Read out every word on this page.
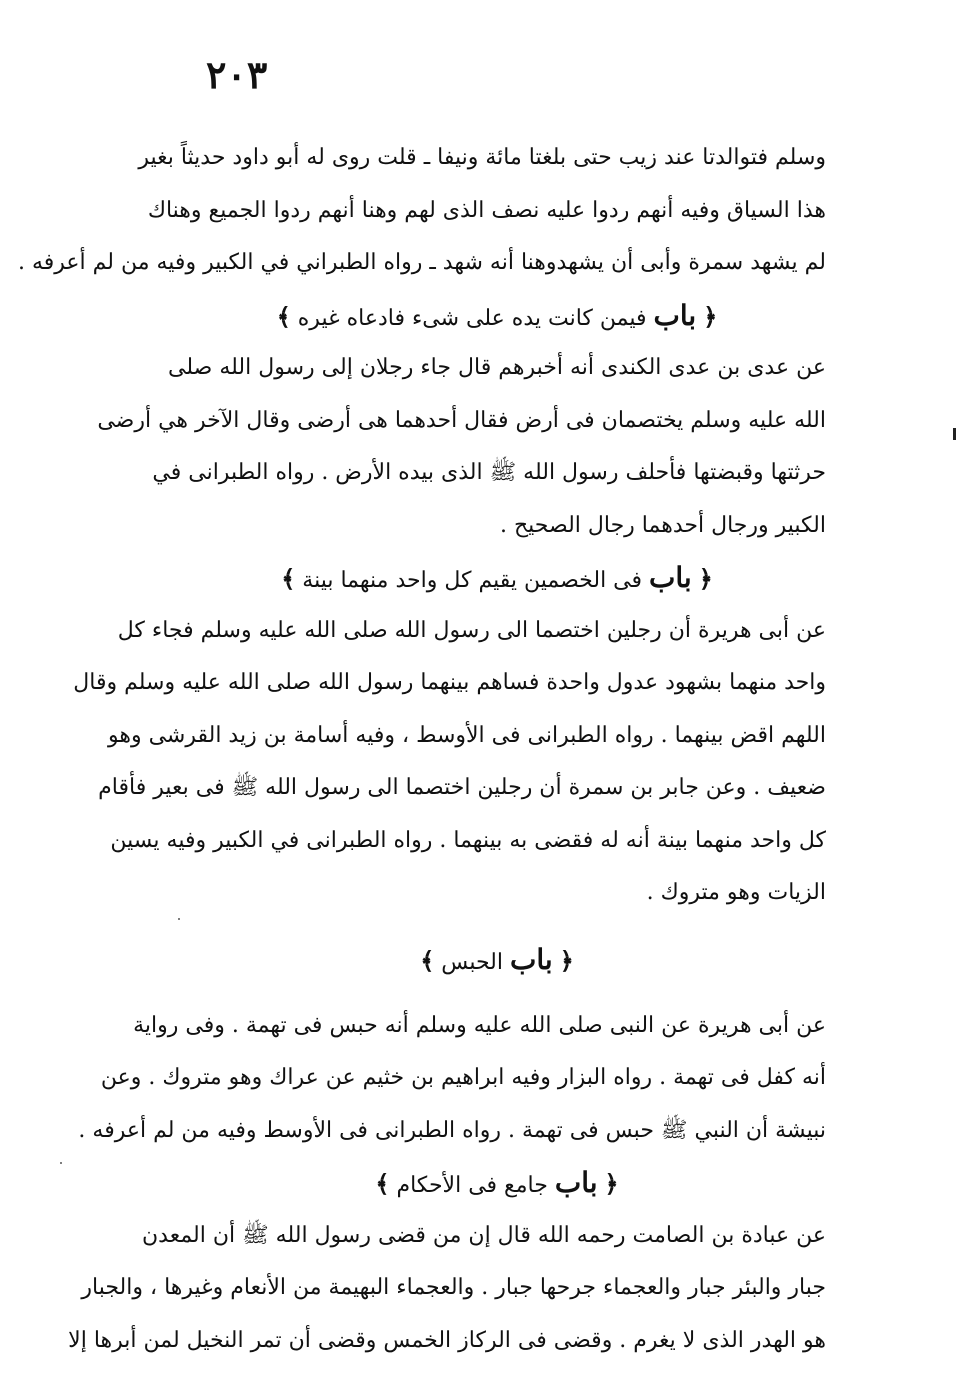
٢٠٣
وسلم فتوالدتا عند زيب حتى بلغتا مائة ونيفا ـ قلت روى له أبو داود حديثاً بغير
هذا السياق وفيه أنهم ردوا عليه نصف الذى لهم وهنا أنهم ردوا الجميع وهناك
لم يشهد سمرة وأبى أن يشهدوهنا أنه شهد ـ رواه الطبراني في الكبير وفيه من لم أعرفه .
﴿ باب فيمن كانت يده على شىء فادعاه غيره ﴾
عن عدى بن عدى الكندى أنه أخبرهم قال جاء رجلان إلى رسول الله صلى
الله عليه وسلم يختصمان فى أرض فقال أحدهما هى أرضى وقال الآخر هي أرضى
حرثتها وقبضتها فأحلف رسول الله ﷺ الذى بيده الأرض . رواه الطبرانى في
الكبير ورجال أحدهما رجال الصحيح .
﴿ باب فى الخصمين يقيم كل واحد منهما بينة ﴾
عن أبى هريرة أن رجلين اختصما الى رسول الله صلى الله عليه وسلم فجاء كل
واحد منهما بشهود عدول واحدة فساهم بينهما رسول الله صلى الله عليه وسلم وقال
اللهم اقض بينهما . رواه الطبرانى فى الأوسط ، وفيه أسامة بن زيد القرشى وهو
ضعيف . وعن جابر بن سمرة أن رجلين اختصما الى رسول الله ﷺ فى بعير فأقام
كل واحد منهما بينة أنه له فقضى به بينهما . رواه الطبرانى في الكبير وفيه يس‍ين
الزيات وهو متروك .
﴿ باب الحبس ﴾
عن أبى هريرة عن النبى صلى الله عليه وسلم أنه حبس فى تهمة . وفى رواية
أنه كفل فى تهمة . رواه البزار وفيه ابراهيم بن خثيم عن عراك وهو متروك . وعن
نبيشة أن النبي ﷺ حبس فى تهمة . رواه الطبرانى فى الأوسط وفيه من لم أعرفه .
﴿ باب جامع فى الأحكام ﴾
عن عبادة بن الصامت رحمه الله قال إن من قضى رسول الله ﷺ أن المعدن
جبار والبئر جبار والعجماء جرحها جبار . والعجماء البهيمة من الأنعام وغيرها ، والجبار
هو الهدر الذى لا يغرم . وقضى فى الركاز الخمس وقضى أن تمر النخيل لمن أبرها إلا
